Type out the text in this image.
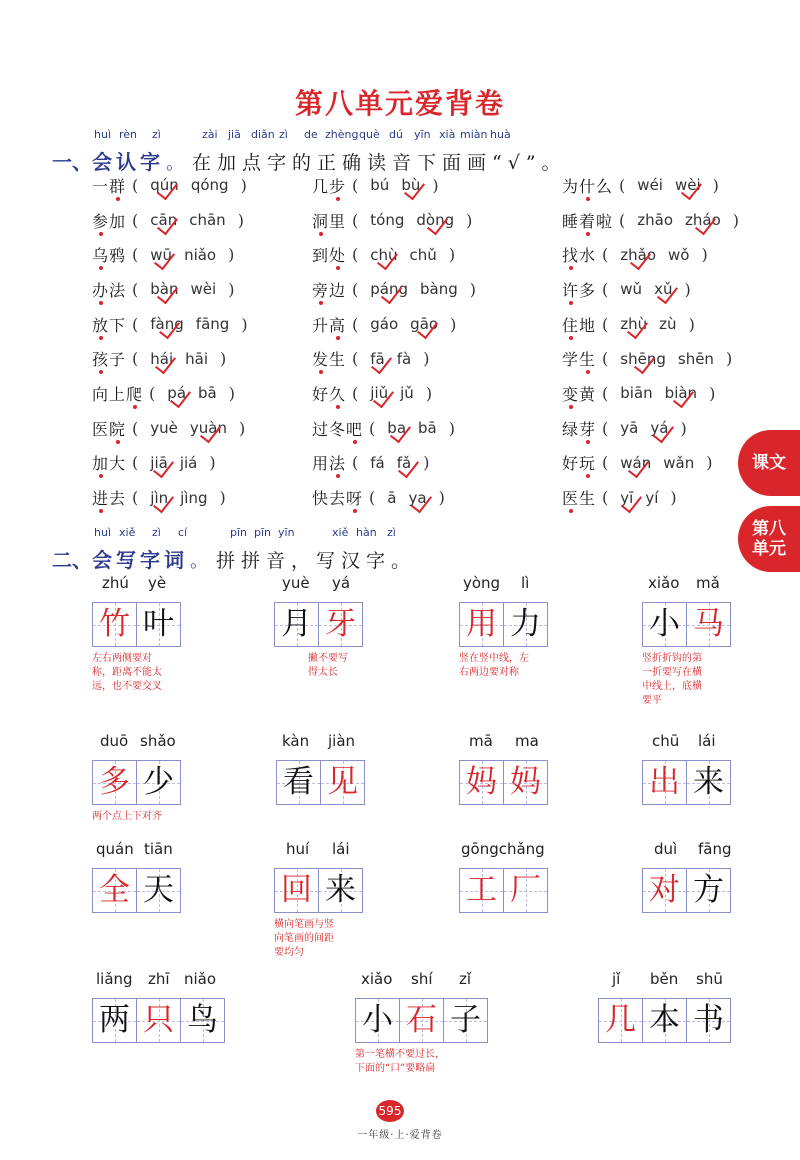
第八单元爱背卷
课文
第八
单元
huì rèn zì	zài jiā diǎn zì de zhèng què dú yīn xià miàn huà
一、 会认字 。 在加点字的正确读音下面画“√”。
一群 ( qún qóng )	几步 ( bú bù )	为什么 ( wéi wèi )
参加 ( cān chān )	洞里 ( tóng dòng )	睡着啦 ( zhāo zháo )
乌鸦 ( wū niǎo )	到处 ( chù chǔ )	找水 ( zhǎo wǒ )
办法 ( bàn wèi )	旁边 ( páng bàng )	许多 ( wǔ xǔ )
放下 ( fàng fāng )	升高 ( gáo gāo )	住地 ( zhù zù )
孩子 ( hái hāi )	发生 ( fā fà )	学生 ( shēng shēn )
向上爬 ( pá bā )	好久 ( jiǔ jǔ )	变黄 ( biān biàn )
医院 ( yuè yuàn )	过冬吧 ( ba bā )	绿芽 ( yā yá )
加大 ( jiā jiá )	用法 ( fá fǎ )	好玩 ( wán wǎn )
进去 ( jìn jìng )	快去呀 ( ā ya )	医生 ( yī yí )
huì xiě zì cí	pīn pīn yīn	xiě hàn zì
二、 会写字词 。 拼拼音，写汉字。
zhú yè
竹 叶
左右两侧要对
称，距离不能太
远，也不要交叉
yuè yá
月 牙
撇不要写
得太长
yòng lì
用 力
竖在竖中线，左
右两边要对称
xiǎo mǎ
小 马
竖折折钩的第
一折要写在横
中线上，底横
要平
duō shǎo
多 少
两个点上下对齐
kàn jiàn
看 见
mā ma
妈 妈
chū lái
出 来
quán tiān
全 天
huí lái
回 来
横向笔画与竖
向笔画的间距
要均匀
gōngchǎng
工 厂
duì fāng
对 方
liǎng zhī niǎo
两 只 鸟
xiǎo shí zǐ
小 石 子
第一笔横不要过长，
下面的“口”要略扁
jǐ běn shū
几 本 书
595
一年级·上·爱背卷
